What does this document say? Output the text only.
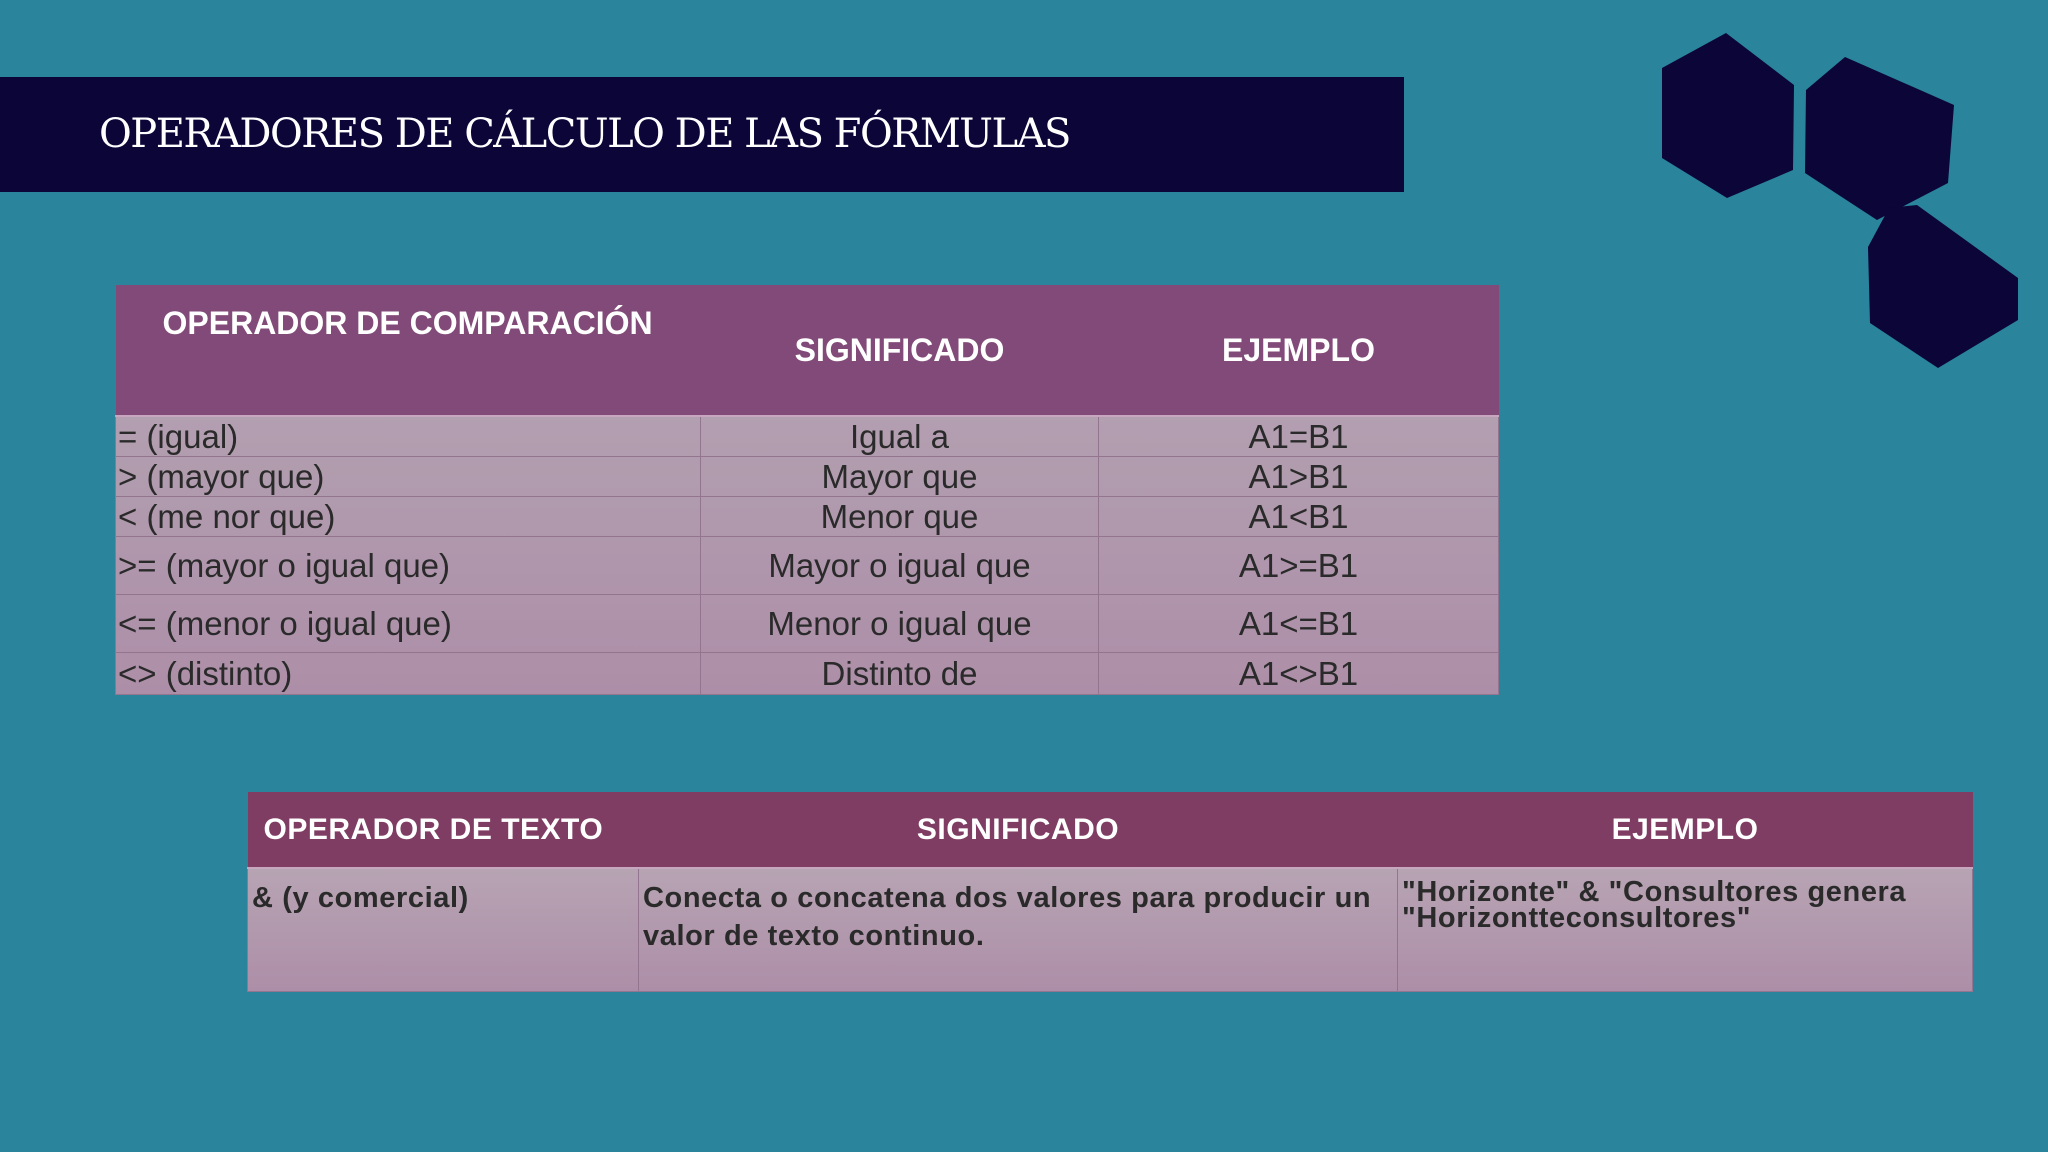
OPERADORES DE CÁLCULO DE LAS FÓRMULAS
OPERADOR DE COMPARACIÓN	SIGNIFICADO	EJEMPLO
= (igual)	Igual a	A1=B1
> (mayor que)	Mayor que	A1>B1
< (me nor que)	Menor que	A1<B1
>= (mayor o igual que)	Mayor o igual que	A1>=B1
<= (menor o igual que)	Menor o igual que	A1<=B1
<> (distinto)	Distinto de	A1<>B1
OPERADOR DE TEXTO	SIGNIFICADO	EJEMPLO
& (y comercial)	Conecta o concatena dos valores para producir un valor de texto continuo.	"Horizonte" & "Consultores genera "Horizontteconsultores"
